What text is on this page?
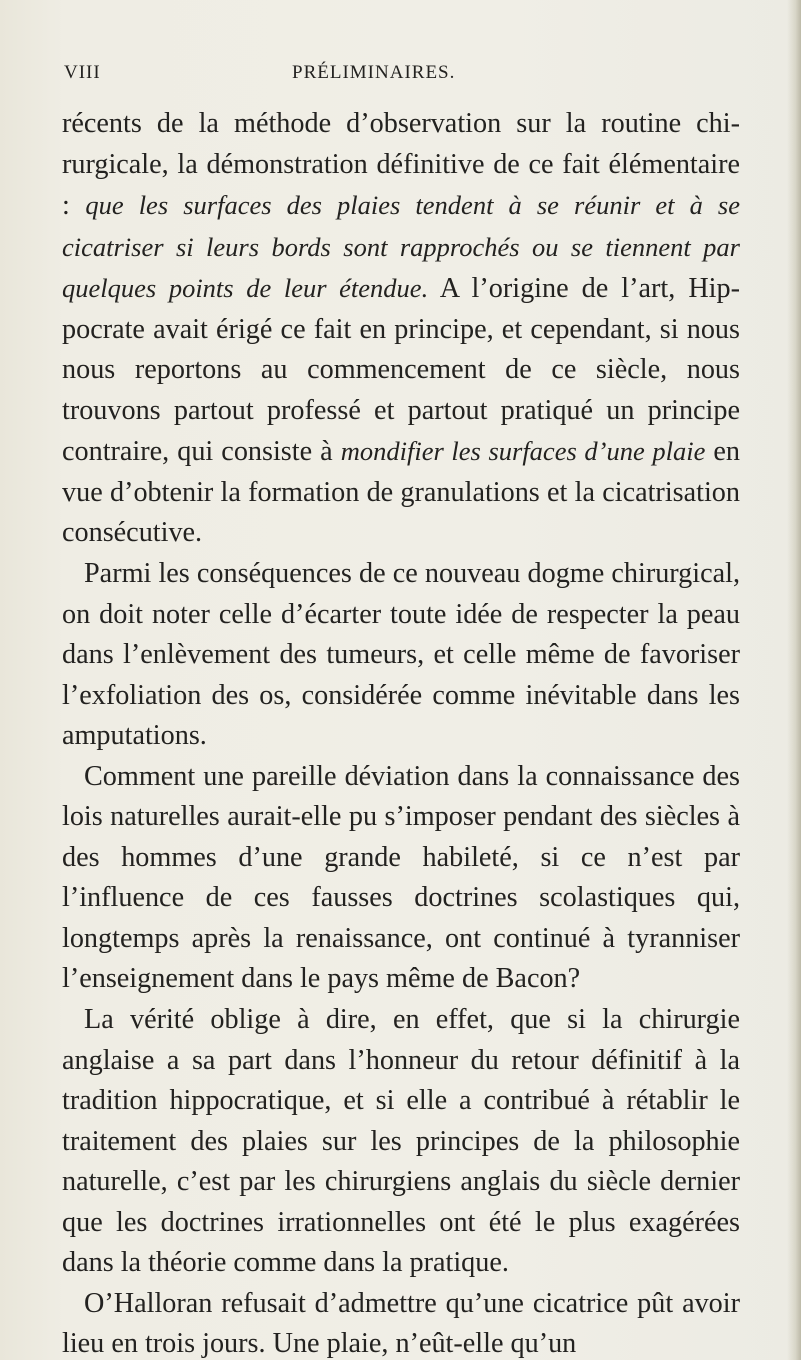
VIII	PRÉLIMINAIRES.

récents de la méthode d’observation sur la routine chirurgicale, la démonstration définitive de ce fait élémentaire : que les surfaces des plaies tendent à se réunir et à se cicatriser si leurs bords sont rapprochés ou se tiennent par quelques points de leur étendue. A l’origine de l’art, Hippocrate avait érigé ce fait en principe, et cependant, si nous nous reportons au commencement de ce siècle, nous trouvons partout professé et partout pratiqué un principe contraire, qui consiste à mondifier les surfaces d’une plaie en vue d’obtenir la formation de granulations et la cicatrisation consécutive.

Parmi les conséquences de ce nouveau dogme chirurgical, on doit noter celle d’écarter toute idée de respecter la peau dans l’enlèvement des tumeurs, et celle même de favoriser l’exfoliation des os, considérée comme inévitable dans les amputations.

Comment une pareille déviation dans la connaissance des lois naturelles aurait-elle pu s’imposer pendant des siècles à des hommes d’une grande habileté, si ce n’est par l’influence de ces fausses doctrines scolastiques qui, longtemps après la renaissance, ont continué à tyranniser l’enseignement dans le pays même de Bacon?

La vérité oblige à dire, en effet, que si la chirurgie anglaise a sa part dans l’honneur du retour définitif à la tradition hippocratique, et si elle a contribué à rétablir le traitement des plaies sur les principes de la philosophie naturelle, c’est par les chirurgiens anglais du siècle dernier que les doctrines irrationnelles ont été le plus exagérées dans la théorie comme dans la pratique.

O’Halloran refusait d’admettre qu’une cicatrice pût avoir lieu en trois jours. Une plaie, n’eût-elle qu’un
